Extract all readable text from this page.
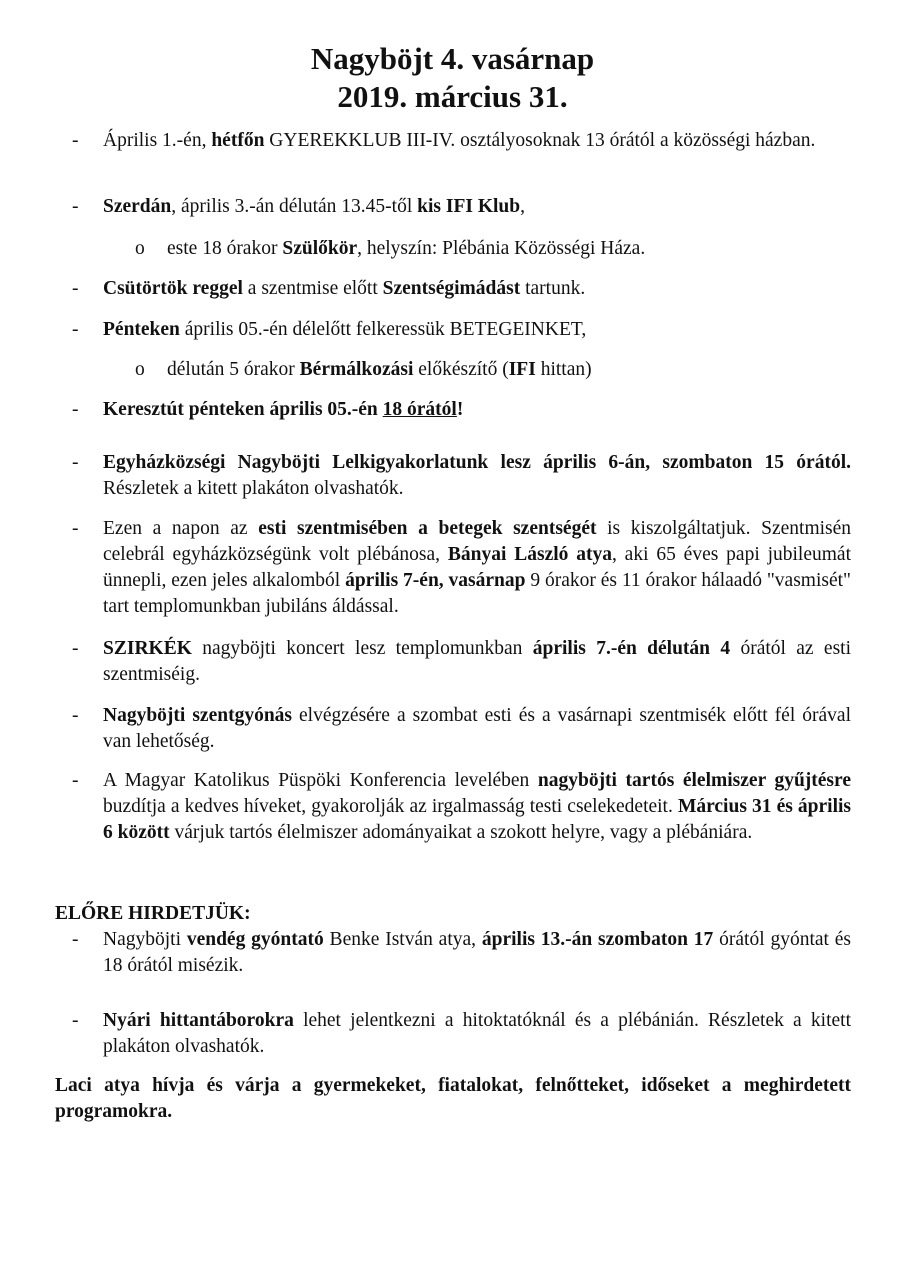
Nagyböjt 4. vasárnap
2019. március 31.
- Április 1.-én, hétfőn GYEREKKLUB III-IV. osztályosoknak 13 órától a közösségi házban.
- Szerdán, április 3.-án délután 13.45-től kis IFI Klub,
o este 18 órakor Szülőkör, helyszín: Plébánia Közösségi Háza.
- Csütörtök reggel a szentmise előtt Szentségimádást tartunk.
- Pénteken április 05.-én délelőtt felkeressük BETEGEINKET,
o délután 5 órakor Bérmálkozási előkészítő (IFI hittan)
- Keresztút pénteken április 05.-én 18 órától!
- Egyházközségi Nagyböjti Lelkigyakorlatunk lesz április 6-án, szombaton 15 órától. Részletek a kitett plakáton olvashatók.
- Ezen a napon az esti szentmisében a betegek szentségét is kiszolgáltatjuk. Szentmisén celebrál egyházközségünk volt plébánosa, Bányai László atya, aki 65 éves papi jubileumát ünnepli, ezen jeles alkalomból április 7-én, vasárnap 9 órakor és 11 órakor hálaadó "vasmisét" tart templomunkban jubiláns áldással.
- SZIRKÉK nagyböjti koncert lesz templomunkban április 7.-én délután 4 órától az esti szentmiséig.
- Nagyböjti szentgyónás elvégzésére a szombat esti és a vasárnapi szentmisék előtt fél órával van lehetőség.
- A Magyar Katolikus Püspöki Konferencia levelében nagyböjti tartós élelmiszer gyűjtésre buzdítja a kedves híveket, gyakorolják az irgalmasság testi cselekedeteit. Március 31 és április 6 között várjuk tartós élelmiszer adományaikat a szokott helyre, vagy a plébániára.
ELŐRE HIRDETJÜK:
- Nagyböjti vendég gyóntató Benke István atya, április 13.-án szombaton 17 órától gyóntat és 18 órától misézik.
- Nyári hittantáborokra lehet jelentkezni a hitoktatóknál és a plébánián. Részletek a kitett plakáton olvashatók.
Laci atya hívja és várja a gyermekeket, fiatalokat, felnőtteket, időseket a meghirdetett programokra.
